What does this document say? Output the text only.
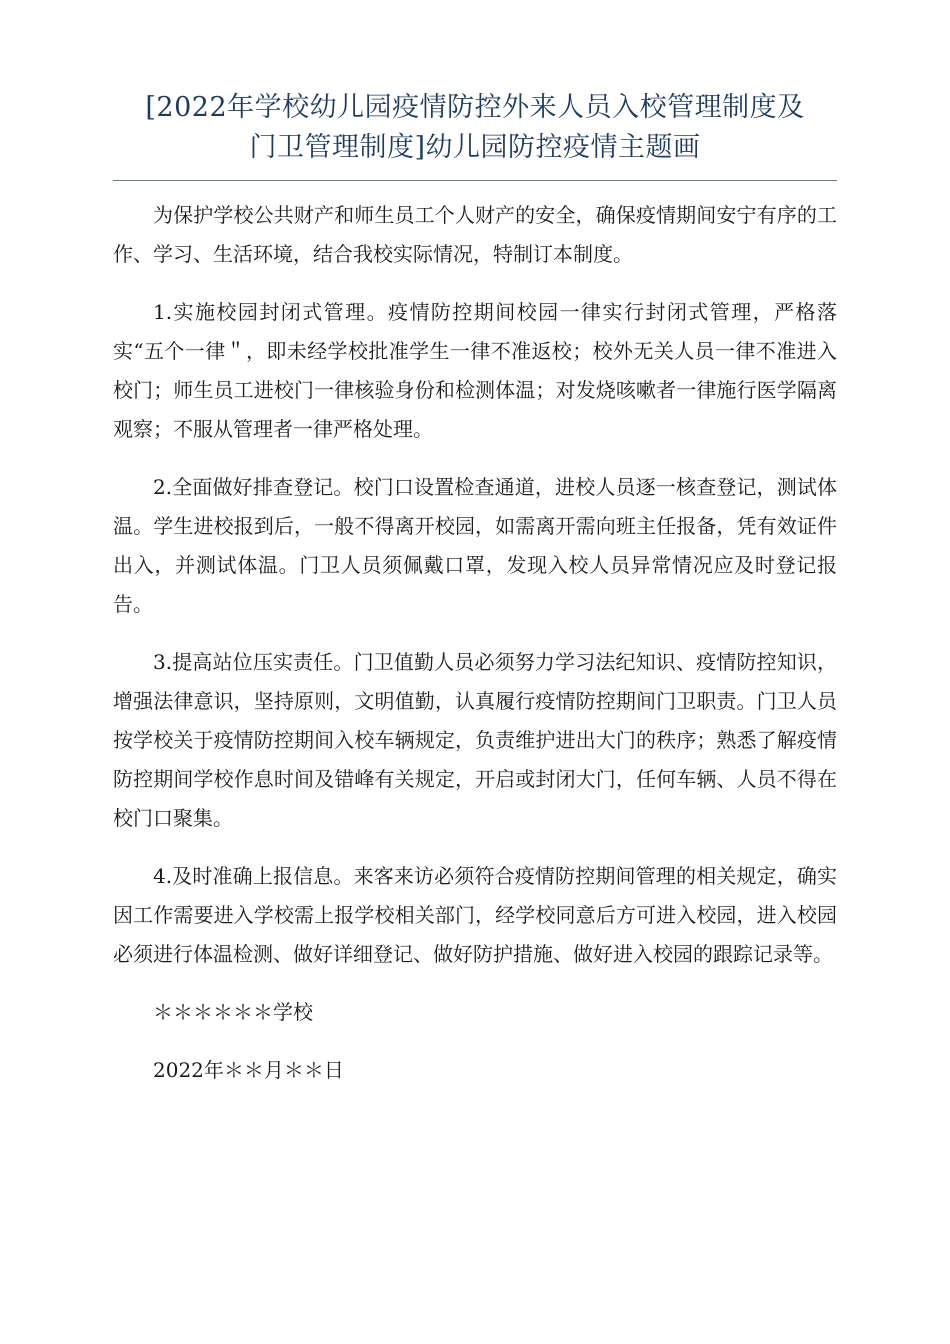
[2022年学校幼儿园疫情防控外来人员入校管理制度及
门卫管理制度]幼儿园防控疫情主题画

为保护学校公共财产和师生员工个人财产的安全，确保疫情期间安宁有序的工作、学习、生活环境，结合我校实际情况，特制订本制度。

1.实施校园封闭式管理。疫情防控期间校园一律实行封闭式管理，严格落实“五个一律＂，即未经学校批准学生一律不准返校；校外无关人员一律不准进入校门；师生员工进校门一律核验身份和检测体温；对发烧咳嗽者一律施行医学隔离观察；不服从管理者一律严格处理。

2.全面做好排查登记。校门口设置检查通道，进校人员逐一核查登记，测试体温。学生进校报到后，一般不得离开校园，如需离开需向班主任报备，凭有效证件出入，并测试体温。门卫人员须佩戴口罩，发现入校人员异常情况应及时登记报告。

3.提高站位压实责任。门卫值勤人员必须努力学习法纪知识、疫情防控知识，增强法律意识，坚持原则，文明值勤，认真履行疫情防控期间门卫职责。门卫人员按学校关于疫情防控期间入校车辆规定，负责维护进出大门的秩序；熟悉了解疫情防控期间学校作息时间及错峰有关规定，开启或封闭大门，任何车辆、人员不得在校门口聚集。

4.及时准确上报信息。来客来访必须符合疫情防控期间管理的相关规定，确实因工作需要进入学校需上报学校相关部门，经学校同意后方可进入校园，进入校园必须进行体温检测、做好详细登记、做好防护措施、做好进入校园的跟踪记录等。

＊＊＊＊＊＊学校

2022年＊＊月＊＊日
